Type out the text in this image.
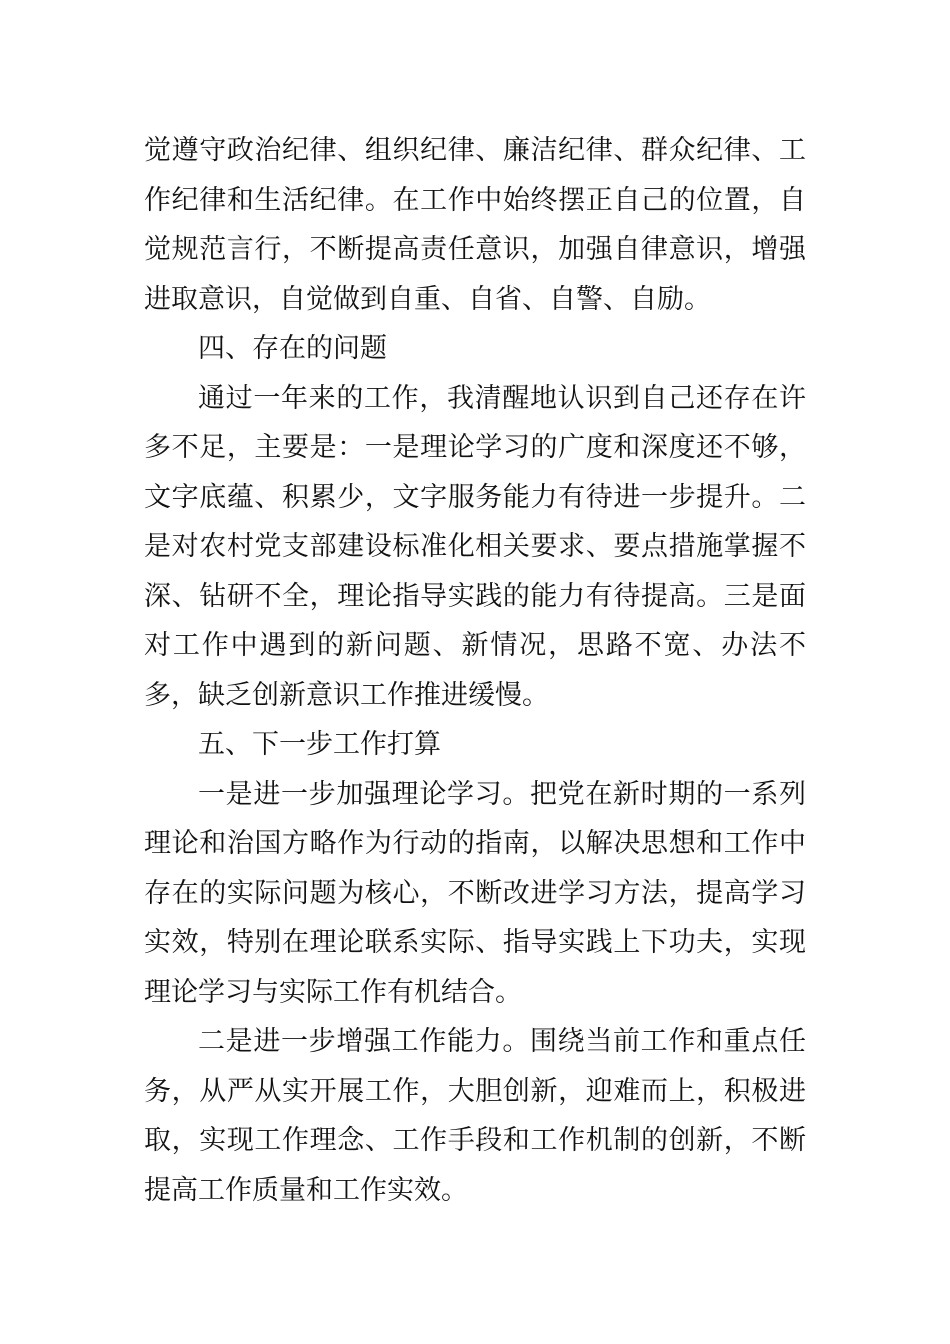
觉遵守政治纪律、组织纪律、廉洁纪律、群众纪律、工作纪律和生活纪律。在工作中始终摆正自己的位置，自觉规范言行，不断提高责任意识，加强自律意识，增强进取意识，自觉做到自重、自省、自警、自励。

四、存在的问题

通过一年来的工作，我清醒地认识到自己还存在许多不足，主要是：一是理论学习的广度和深度还不够，文字底蕴、积累少，文字服务能力有待进一步提升。二是对农村党支部建设标准化相关要求、要点措施掌握不深、钻研不全，理论指导实践的能力有待提高。三是面对工作中遇到的新问题、新情况，思路不宽、办法不多，缺乏创新意识工作推进缓慢。

五、下一步工作打算

一是进一步加强理论学习。把党在新时期的一系列理论和治国方略作为行动的指南，以解决思想和工作中存在的实际问题为核心，不断改进学习方法，提高学习实效，特别在理论联系实际、指导实践上下功夫，实现理论学习与实际工作有机结合。

二是进一步增强工作能力。围绕当前工作和重点任务，从严从实开展工作，大胆创新，迎难而上，积极进取，实现工作理念、工作手段和工作机制的创新，不断提高工作质量和工作实效。
